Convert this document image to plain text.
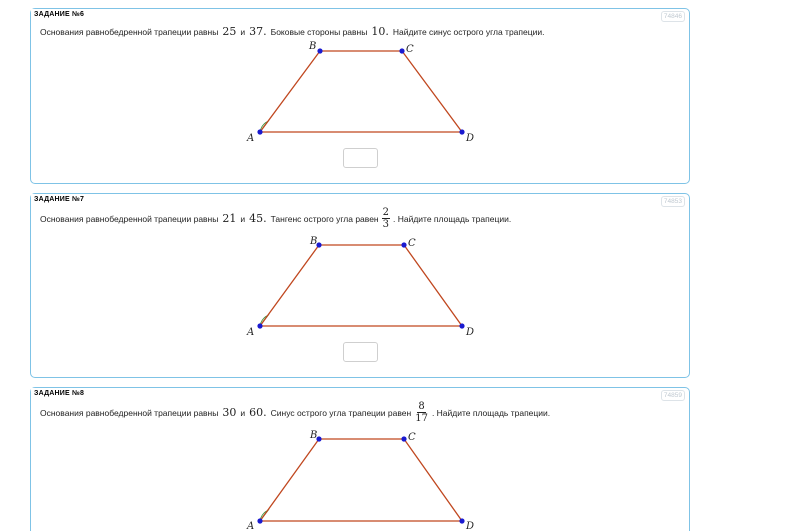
ЗАДАНИЕ №6	74846
Основания равнобедренной трапеции равны 25 и 37. Боковые стороны равны 10. Найдите синус острого угла трапеции.
A
B	C
D
ЗАДАНИЕ №7	74853
Основания равнобедренной трапеции равны 21 и 45. Тангенс острого угла равен $\frac{2}{3}$ . Найдите площадь трапеции.
A
B	C
D
ЗАДАНИЕ №8	74859
Основания равнобедренной трапеции равны 30 и 60. Синус острого угла трапеции равен $\frac{8}{17}$ . Найдите площадь трапеции.
A
B	C
D
